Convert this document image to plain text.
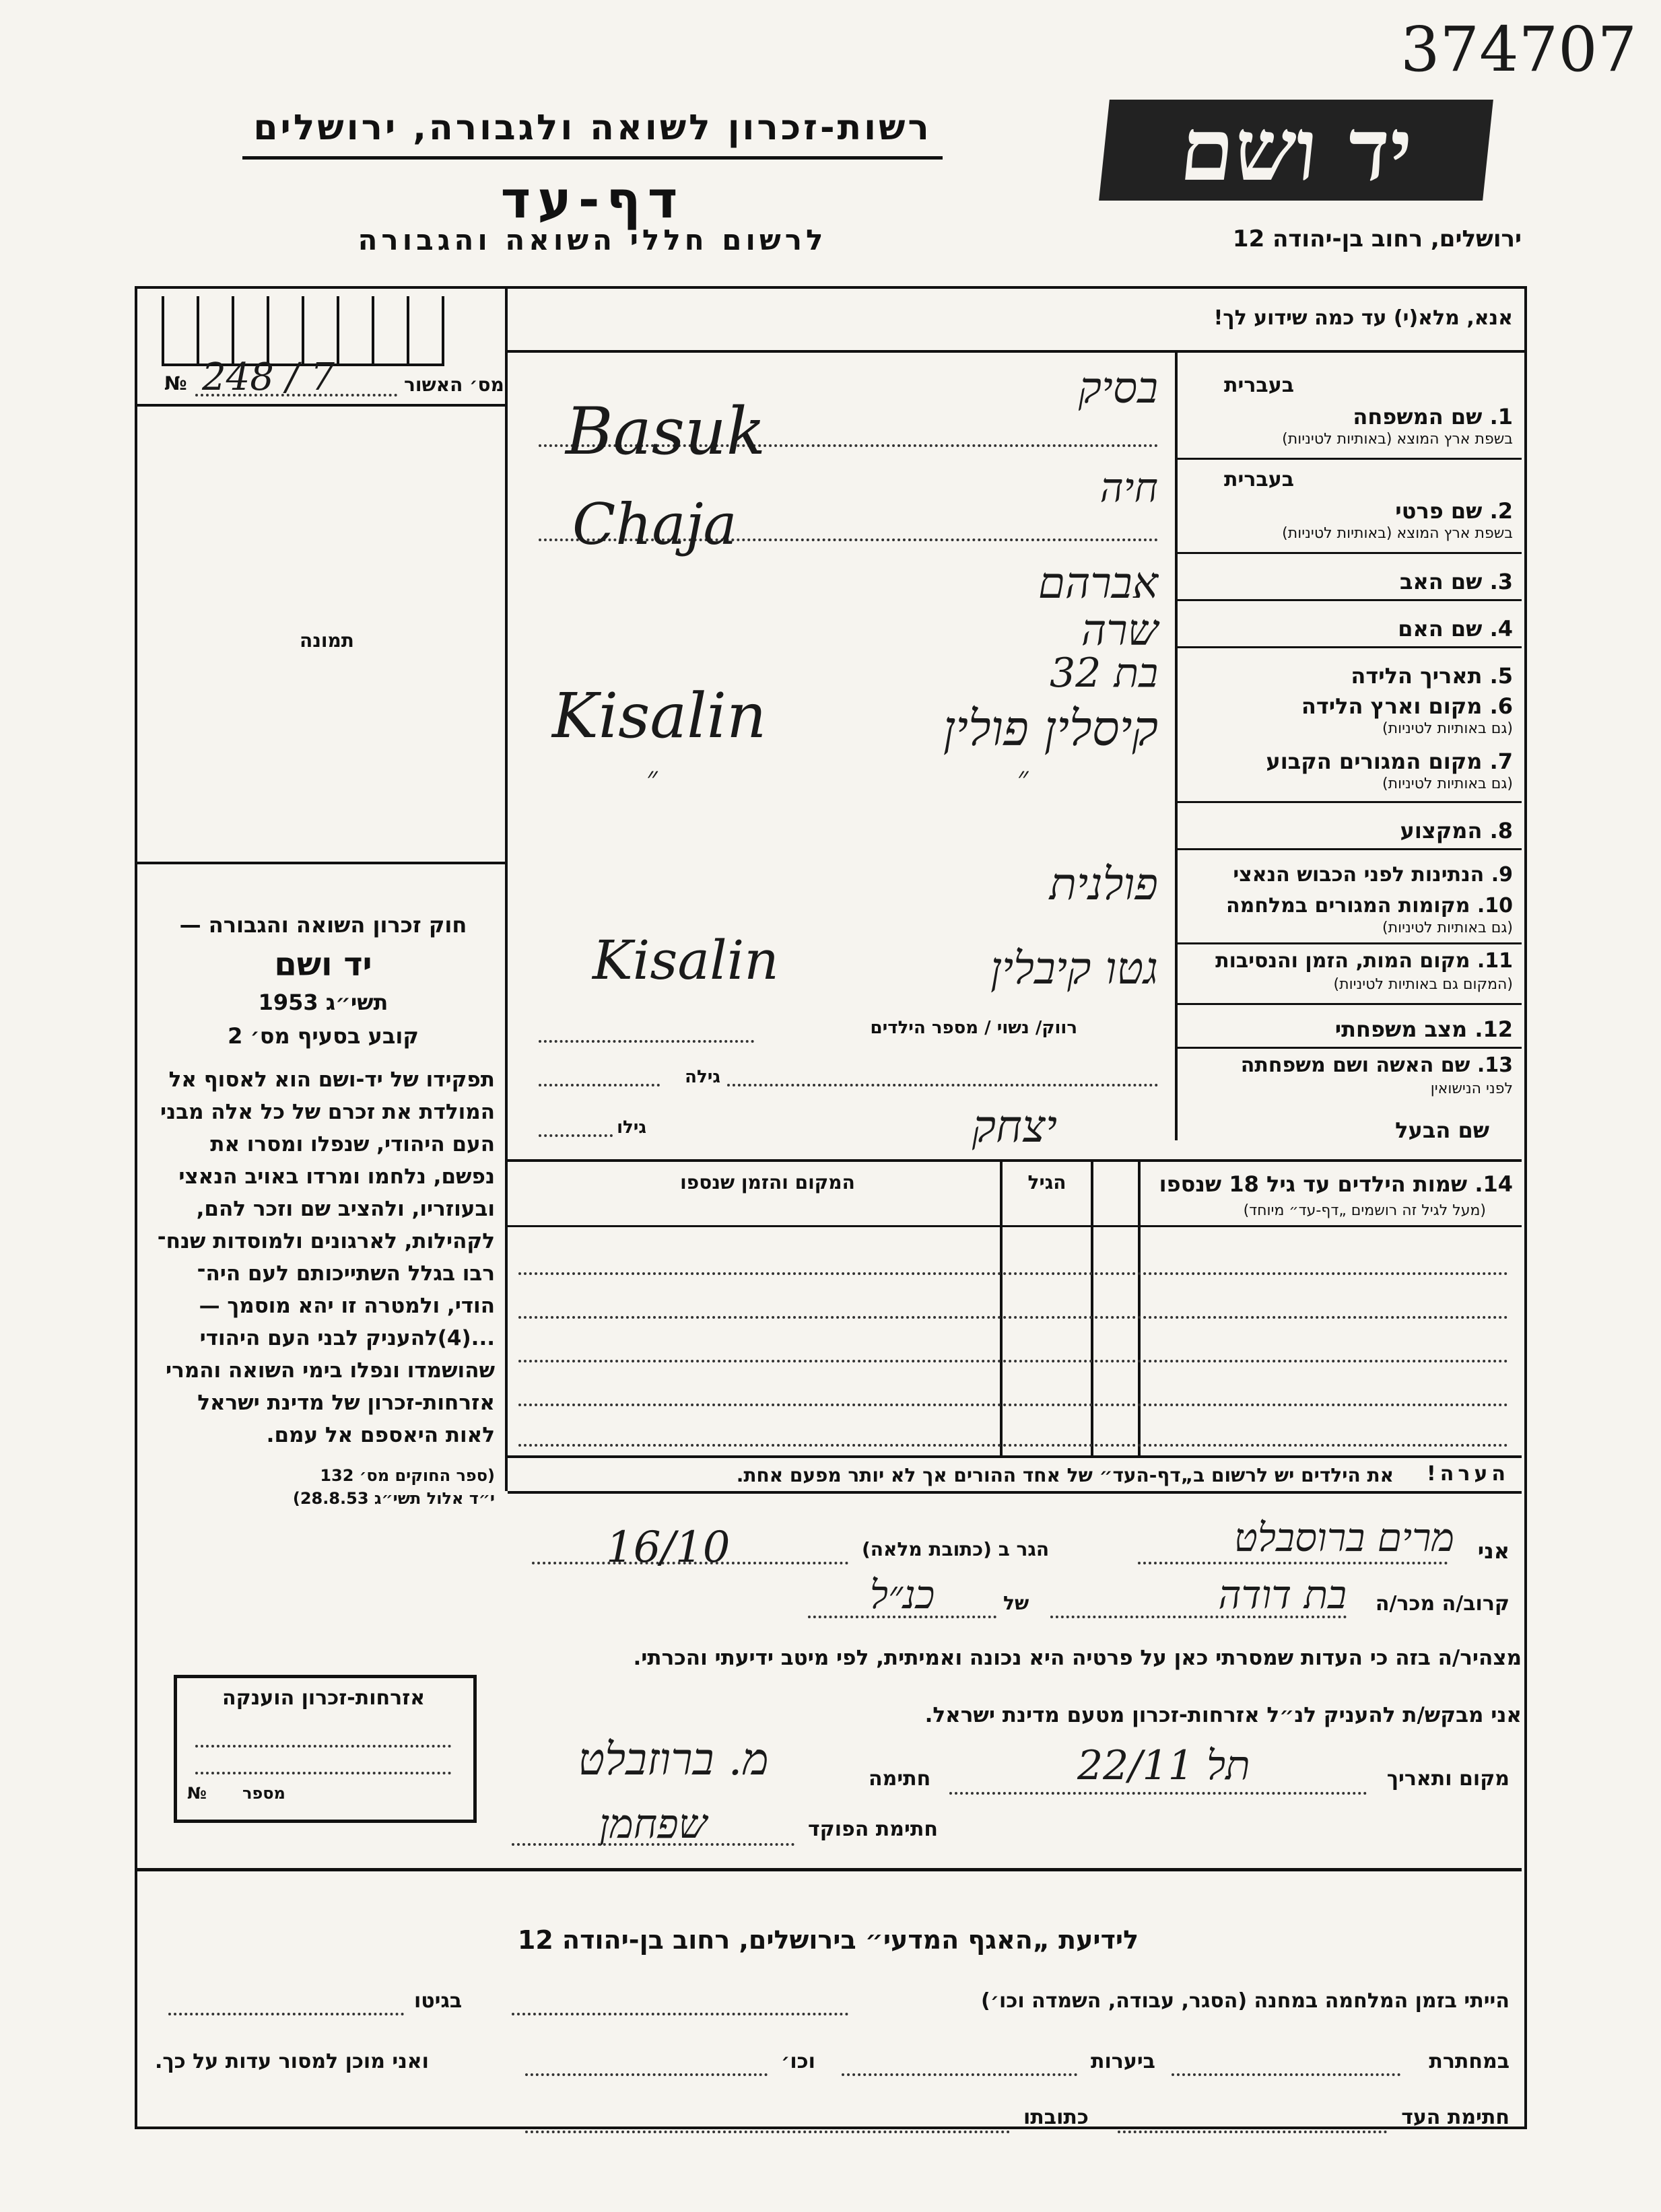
374707
רשות-זכרון לשואה ולגבורה, ירושלים
דף-עד
לרשום חללי השואה והגבורה
יד ושם
ירושלים, רחוב בן-יהודה 12
אנא, מלא(י) עד כמה שידוע לך!
מס׳ האשור
№ 248 / 7
תמונה
חוק זכרון השואה והגבורה —
יד ושם
תשי״ג 1953
קובע בסעיף מס׳ 2
תפקידו של יד-ושם הוא לאסוף אל
המולדת את זכרם של כל אלה מבני
העם היהודי, שנפלו ומסרו את
נפשם, נלחמו ומרדו באויב הנאצי
ובעוזריו, ולהציב שם וזכר להם,
לקהילות, לארגונים ולמוסדות שנח־
רבו בגלל השתייכותם לעם היה־
הודי, ולמטרה זו יהא מוסמך —
...(4)להעניק לבני העם היהודי
שהושמדו ונפלו בימי השואה והמרי
אזרחות-זכרון של מדינת ישראל
לאות היאספם אל עמם.
(ספר החוקים מס׳ 132
י״ד אלול תשי״ג 28.8.53)
אזרחות-זכרון הוענקה
מספר
№
בעברית
1. שם המשפחה
בשפת ארץ המוצא (באותיות לטיניות)
בעברית
2. שם פרטי
בשפת ארץ המוצא (באותיות לטיניות)
3. שם האב
4. שם האם
5. תאריך הלידה
6. מקום וארץ הלידה
(גם באותיות לטיניות)
7. מקום המגורים הקבוע
(גם באותיות לטיניות)
8. המקצוע
9. הנתינות לפני הכבוש הנאצי
10. מקומות המגורים במלחמה
(גם באותיות לטיניות)
11. מקום המות, הזמן והנסיבות
(המקום גם באותיות לטיניות)
12. מצב משפחתי
13. שם האשה ושם משפחתה
לפני הנישואין
שם הבעל
בסיק
Basuk
חיה
Chaja
אברהם
שרה
בת 32
קיסלין פולין
Kisalin
״ ״
פולנית
גטו קיבלין
Kisalin
רווק/ נשוי / מספר הילדים
גילה
גילו	יצחק
14. שמות הילדים עד גיל 18 שנספו
(מעל לגיל זה רושמים „דף-עד״ מיוחד)
הגיל
המקום והזמן שנספו
הערה!
את הילדים יש לרשום ב„דף-העד״ של אחד ההורים אך לא יותר מפעם אחת.
אני
מרים ברוסבלט
הגר ב (כתובת מלאה)
16/10
קרוב/ה מכר/ה
בת דודה
של
כנ״ל
מצהיר/ה בזה כי העדות שמסרתי כאן על פרטיה היא נכונה ואמיתית, לפי מיטב ידיעתי והכרתי.
אני מבקש/ת להעניק לנ״ל אזרחות-זכרון מטעם מדינת ישראל.
מקום ותאריך
תל 22/11
חתימה
מ. ברוזבלט
חתימת הפוקד
שפחמן
לידיעת „האגף המדעי״ בירושלים, רחוב בן-יהודה 12
הייתי בזמן המלחמה במחנה (הסגר, עבודה, השמדה וכו׳)
בגיטו
במחתרת
ביערות
וכו׳
ואני מוכן למסור עדות על כך.
חתימת העד
כתובתו
